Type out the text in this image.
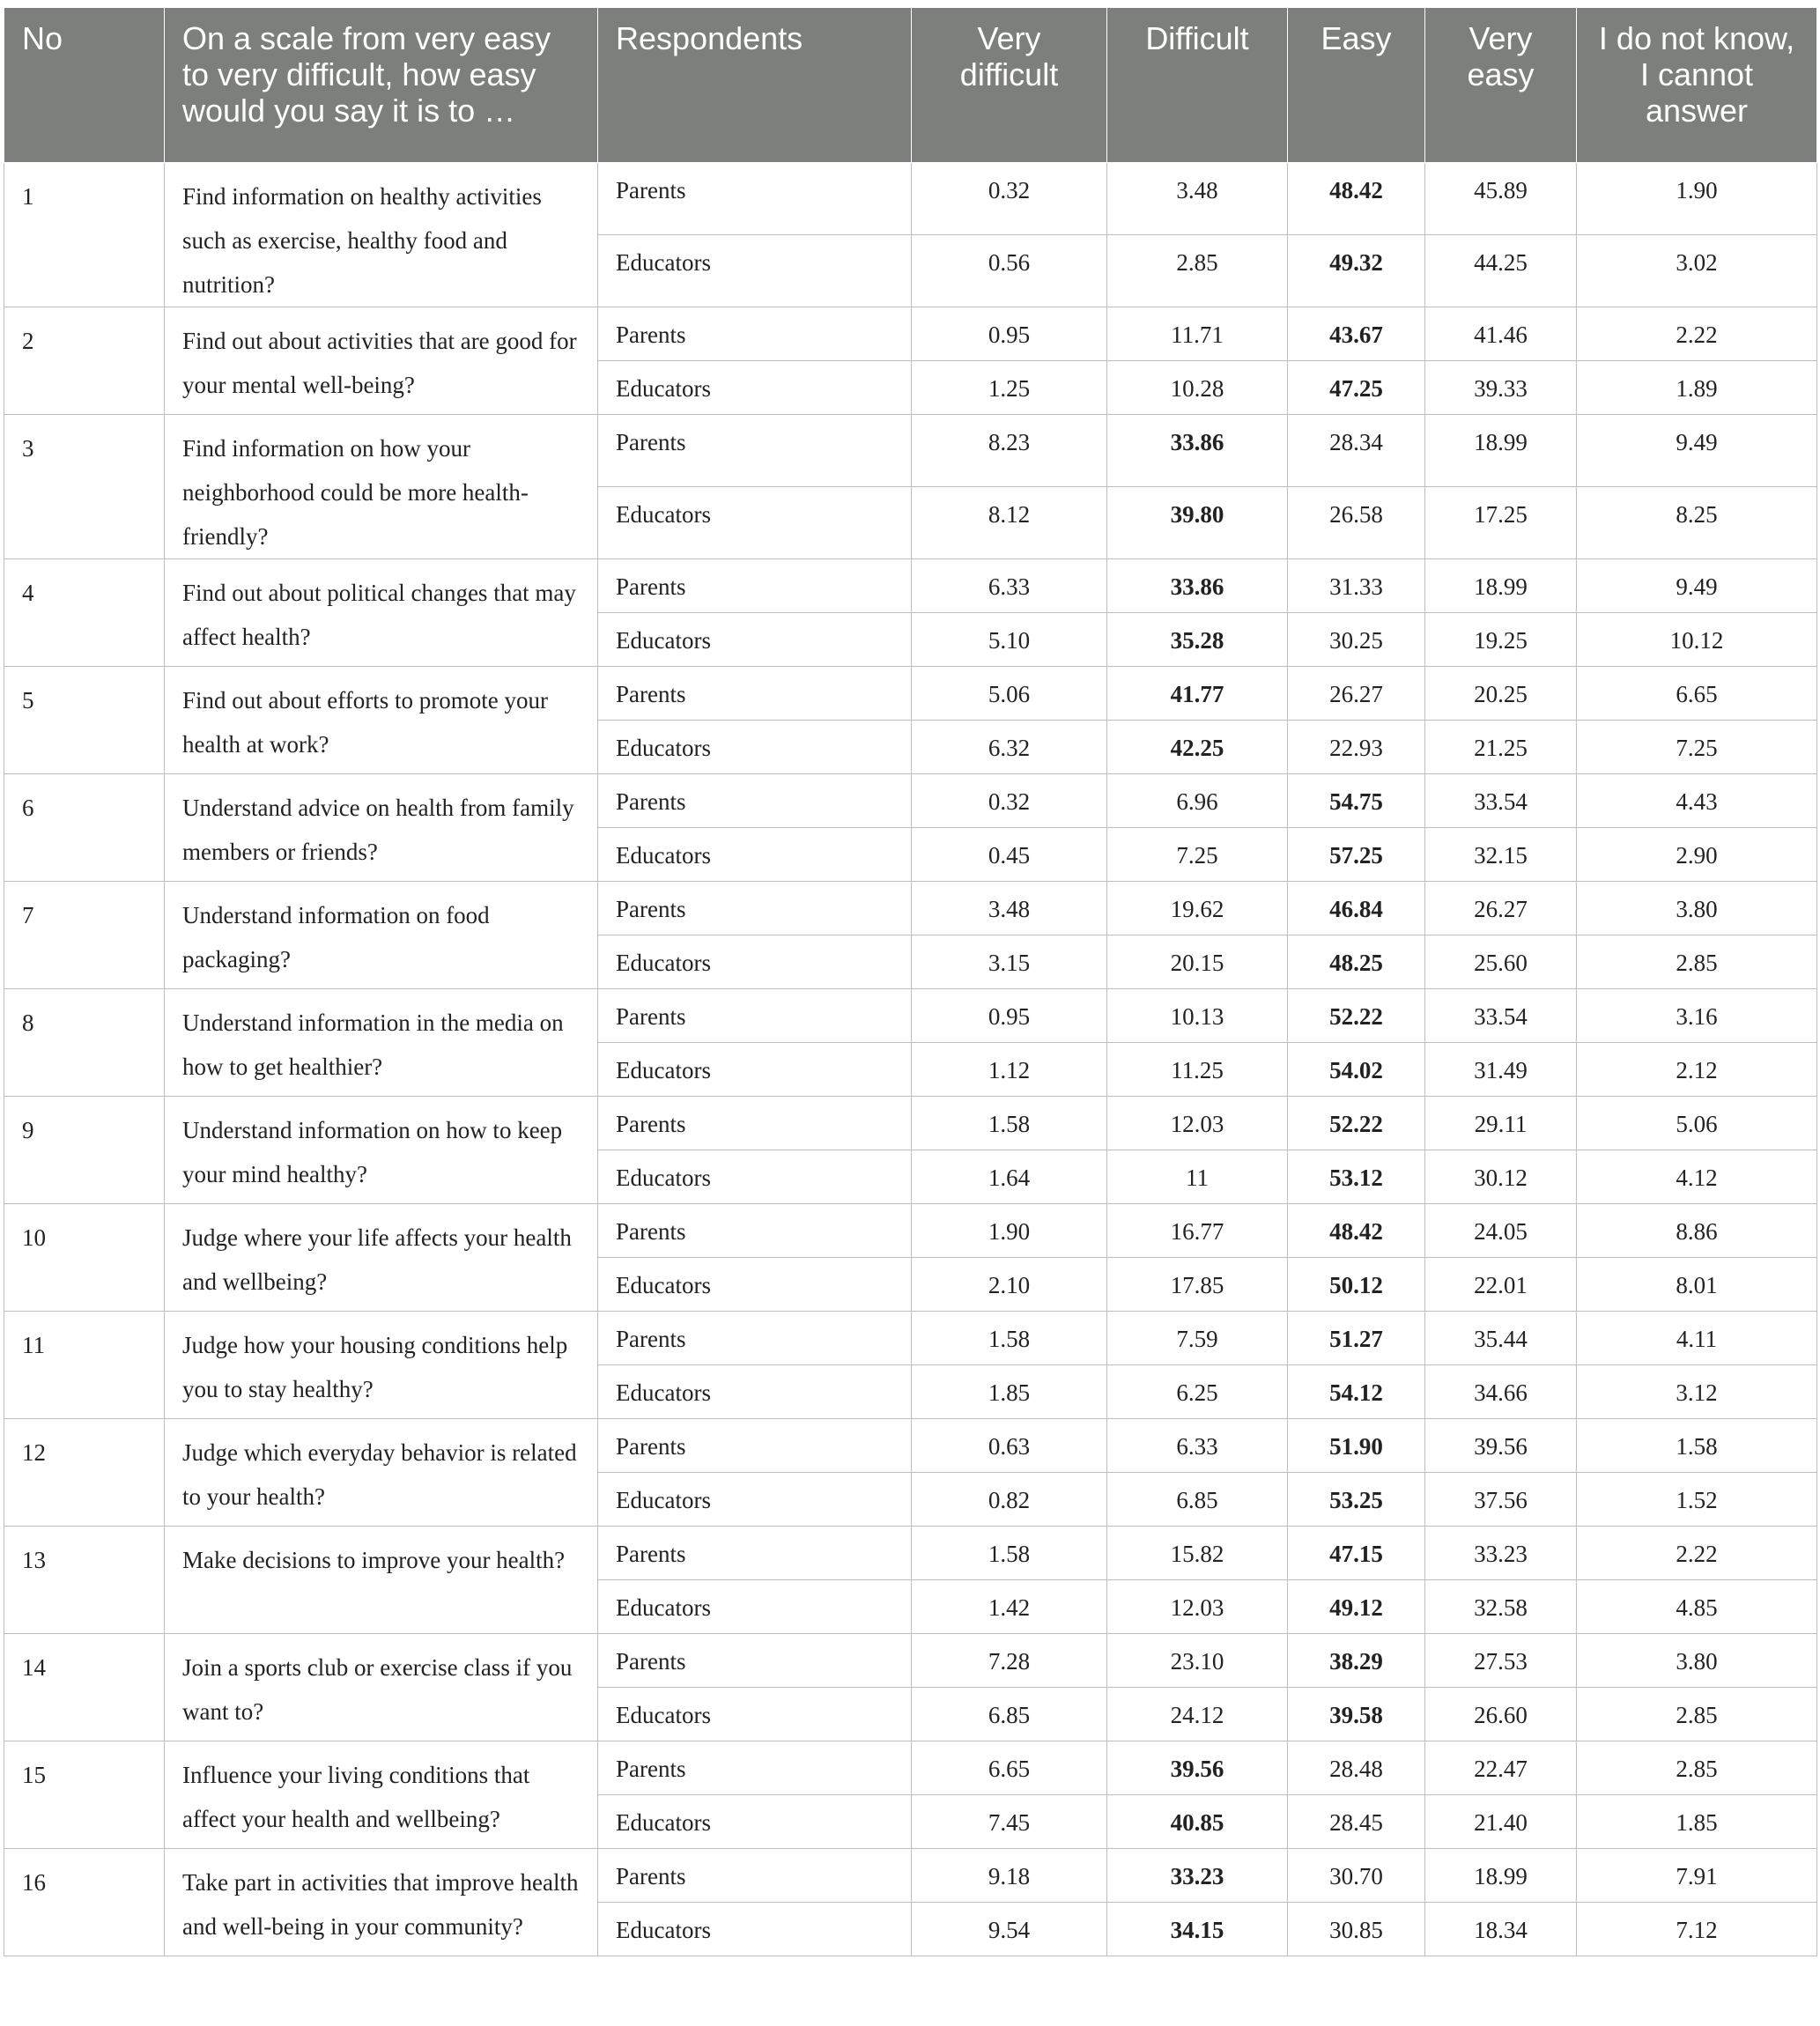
No	On a scale from very easy to very difficult, how easy would you say it is to …	Respondents	Very difficult	Difficult	Easy	Very easy	I do not know, I cannot answer
1	Find information on healthy activities such as exercise, healthy food and nutrition?	Parents	0.32	3.48	48.42	45.89	1.90
		Educators	0.56	2.85	49.32	44.25	3.02
2	Find out about activities that are good for your mental well-being?	Parents	0.95	11.71	43.67	41.46	2.22
		Educators	1.25	10.28	47.25	39.33	1.89
3	Find information on how your neighborhood could be more health-friendly?	Parents	8.23	33.86	28.34	18.99	9.49
		Educators	8.12	39.80	26.58	17.25	8.25
4	Find out about political changes that may affect health?	Parents	6.33	33.86	31.33	18.99	9.49
		Educators	5.10	35.28	30.25	19.25	10.12
5	Find out about efforts to promote your health at work?	Parents	5.06	41.77	26.27	20.25	6.65
		Educators	6.32	42.25	22.93	21.25	7.25
6	Understand advice on health from family members or friends?	Parents	0.32	6.96	54.75	33.54	4.43
		Educators	0.45	7.25	57.25	32.15	2.90
7	Understand information on food packaging?	Parents	3.48	19.62	46.84	26.27	3.80
		Educators	3.15	20.15	48.25	25.60	2.85
8	Understand information in the media on how to get healthier?	Parents	0.95	10.13	52.22	33.54	3.16
		Educators	1.12	11.25	54.02	31.49	2.12
9	Understand information on how to keep your mind healthy?	Parents	1.58	12.03	52.22	29.11	5.06
		Educators	1.64	11	53.12	30.12	4.12
10	Judge where your life affects your health and wellbeing?	Parents	1.90	16.77	48.42	24.05	8.86
		Educators	2.10	17.85	50.12	22.01	8.01
11	Judge how your housing conditions help you to stay healthy?	Parents	1.58	7.59	51.27	35.44	4.11
		Educators	1.85	6.25	54.12	34.66	3.12
12	Judge which everyday behavior is related to your health?	Parents	0.63	6.33	51.90	39.56	1.58
		Educators	0.82	6.85	53.25	37.56	1.52
13	Make decisions to improve your health?	Parents	1.58	15.82	47.15	33.23	2.22
		Educators	1.42	12.03	49.12	32.58	4.85
14	Join a sports club or exercise class if you want to?	Parents	7.28	23.10	38.29	27.53	3.80
		Educators	6.85	24.12	39.58	26.60	2.85
15	Influence your living conditions that affect your health and wellbeing?	Parents	6.65	39.56	28.48	22.47	2.85
		Educators	7.45	40.85	28.45	21.40	1.85
16	Take part in activities that improve health and well-being in your community?	Parents	9.18	33.23	30.70	18.99	7.91
		Educators	9.54	34.15	30.85	18.34	7.12
